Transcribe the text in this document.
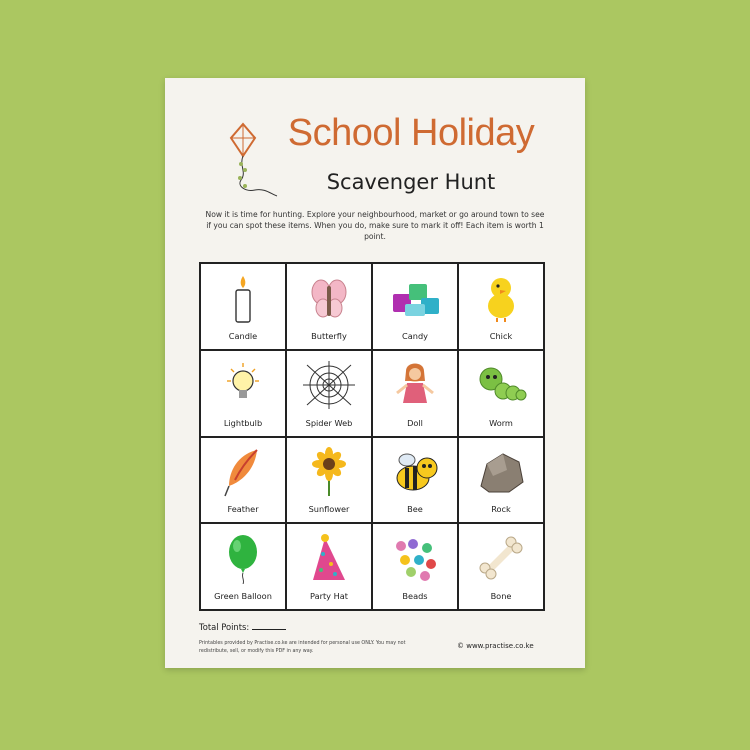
School Holiday
Scavenger Hunt
Now it is time for hunting. Explore your neighbourhood, market or go around town to see if you can spot these items. When you do, make sure to mark it off! Each item is worth 1 point.
Candle	Butterfly	Candy	Chick
Lightbulb	Spider Web	Doll	Worm
Feather	Sunflower	Bee	Rock
Green Balloon	Party Hat	Beads	Bone
Total Points:
Printables provided by Practise.co.ke are intended for personal use ONLY. You may not redistribute, sell, or modify this PDF in any way.
© www.practise.co.ke
